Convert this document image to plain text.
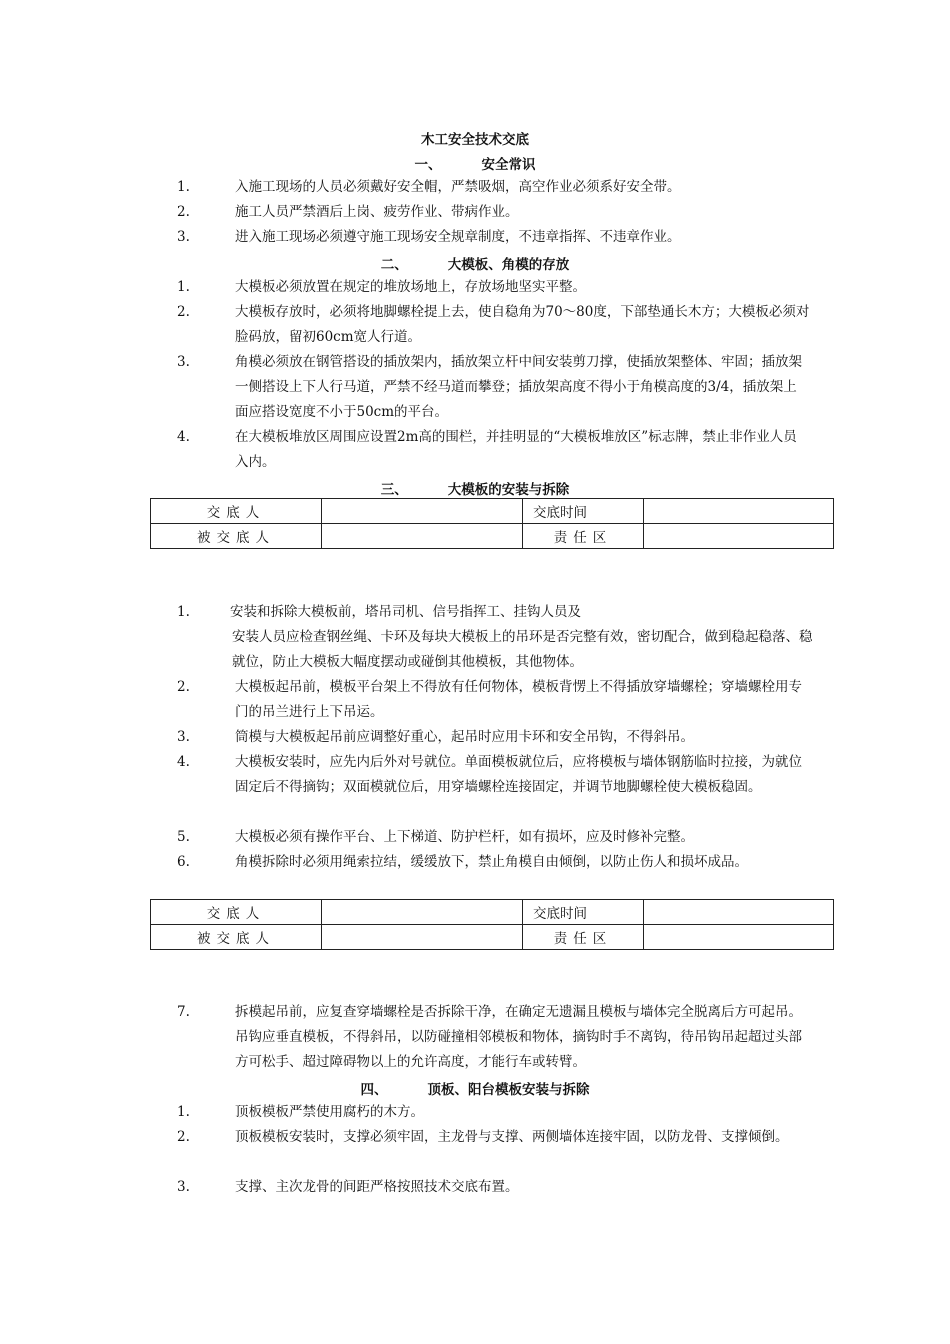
木工安全技术交底
一、	安全常识
1.	入施工现场的人员必须戴好安全帽，严禁吸烟，高空作业必须系好安全带。
2.	施工人员严禁酒后上岗、疲劳作业、带病作业。
3.	进入施工现场必须遵守施工现场安全规章制度，不违章指挥、不违章作业。
二、	大模板、角模的存放
1.	大模板必须放置在规定的堆放场地上，存放场地坚实平整。
2.	大模板存放时，必须将地脚螺栓提上去，使自稳角为70～80度，下部垫通长木方；大模板必须对脸码放，留初60cm宽人行道。
3.	角模必须放在钢管搭设的插放架内，插放架立杆中间安装剪刀撑，使插放架整体、牢固；插放架一侧搭设上下人行马道，严禁不经马道而攀登；插放架高度不得小于角模高度的3/4，插放架上面应搭设宽度不小于50cm的平台。
4.	在大模板堆放区周围应设置2m高的围栏，并挂明显的“大模板堆放区”标志牌，禁止非作业人员入内。
三、	大模板的安装与拆除
交底人		交底时间	
被交底人		责任区	
1.	安装和拆除大模板前，塔吊司机、信号指挥工、挂钩人员及
安装人员应检查钢丝绳、卡环及每块大模板上的吊环是否完整有效，密切配合，做到稳起稳落、稳就位，防止大模板大幅度摆动或碰倒其他模板，其他物体。
2.	大模板起吊前，模板平台架上不得放有任何物体，模板背愣上不得插放穿墙螺栓；穿墙螺栓用专门的吊兰进行上下吊运。
3.	筒模与大模板起吊前应调整好重心，起吊时应用卡环和安全吊钩，不得斜吊。
4.	大模板安装时，应先内后外对号就位。单面模板就位后，应将模板与墙体钢筋临时拉接，为就位固定后不得摘钩；双面模就位后，用穿墙螺栓连接固定，并调节地脚螺栓使大模板稳固。
5.	大模板必须有操作平台、上下梯道、防护栏杆，如有损坏，应及时修补完整。
6.	角模拆除时必须用绳索拉结，缓缓放下，禁止角模自由倾倒，以防止伤人和损坏成品。
交底人		交底时间	
被交底人		责任区	
7.	拆模起吊前，应复查穿墙螺栓是否拆除干净，在确定无遗漏且模板与墙体完全脱离后方可起吊。吊钩应垂直模板，不得斜吊，以防碰撞相邻模板和物体，摘钩时手不离钩，待吊钩吊起超过头部方可松手、超过障碍物以上的允许高度，才能行车或转臂。
四、	顶板、阳台模板安装与拆除
1.	顶板模板严禁使用腐朽的木方。
2.	顶板模板安装时，支撑必须牢固，主龙骨与支撑、两侧墙体连接牢固，以防龙骨、支撑倾倒。
3.	支撑、主次龙骨的间距严格按照技术交底布置。
